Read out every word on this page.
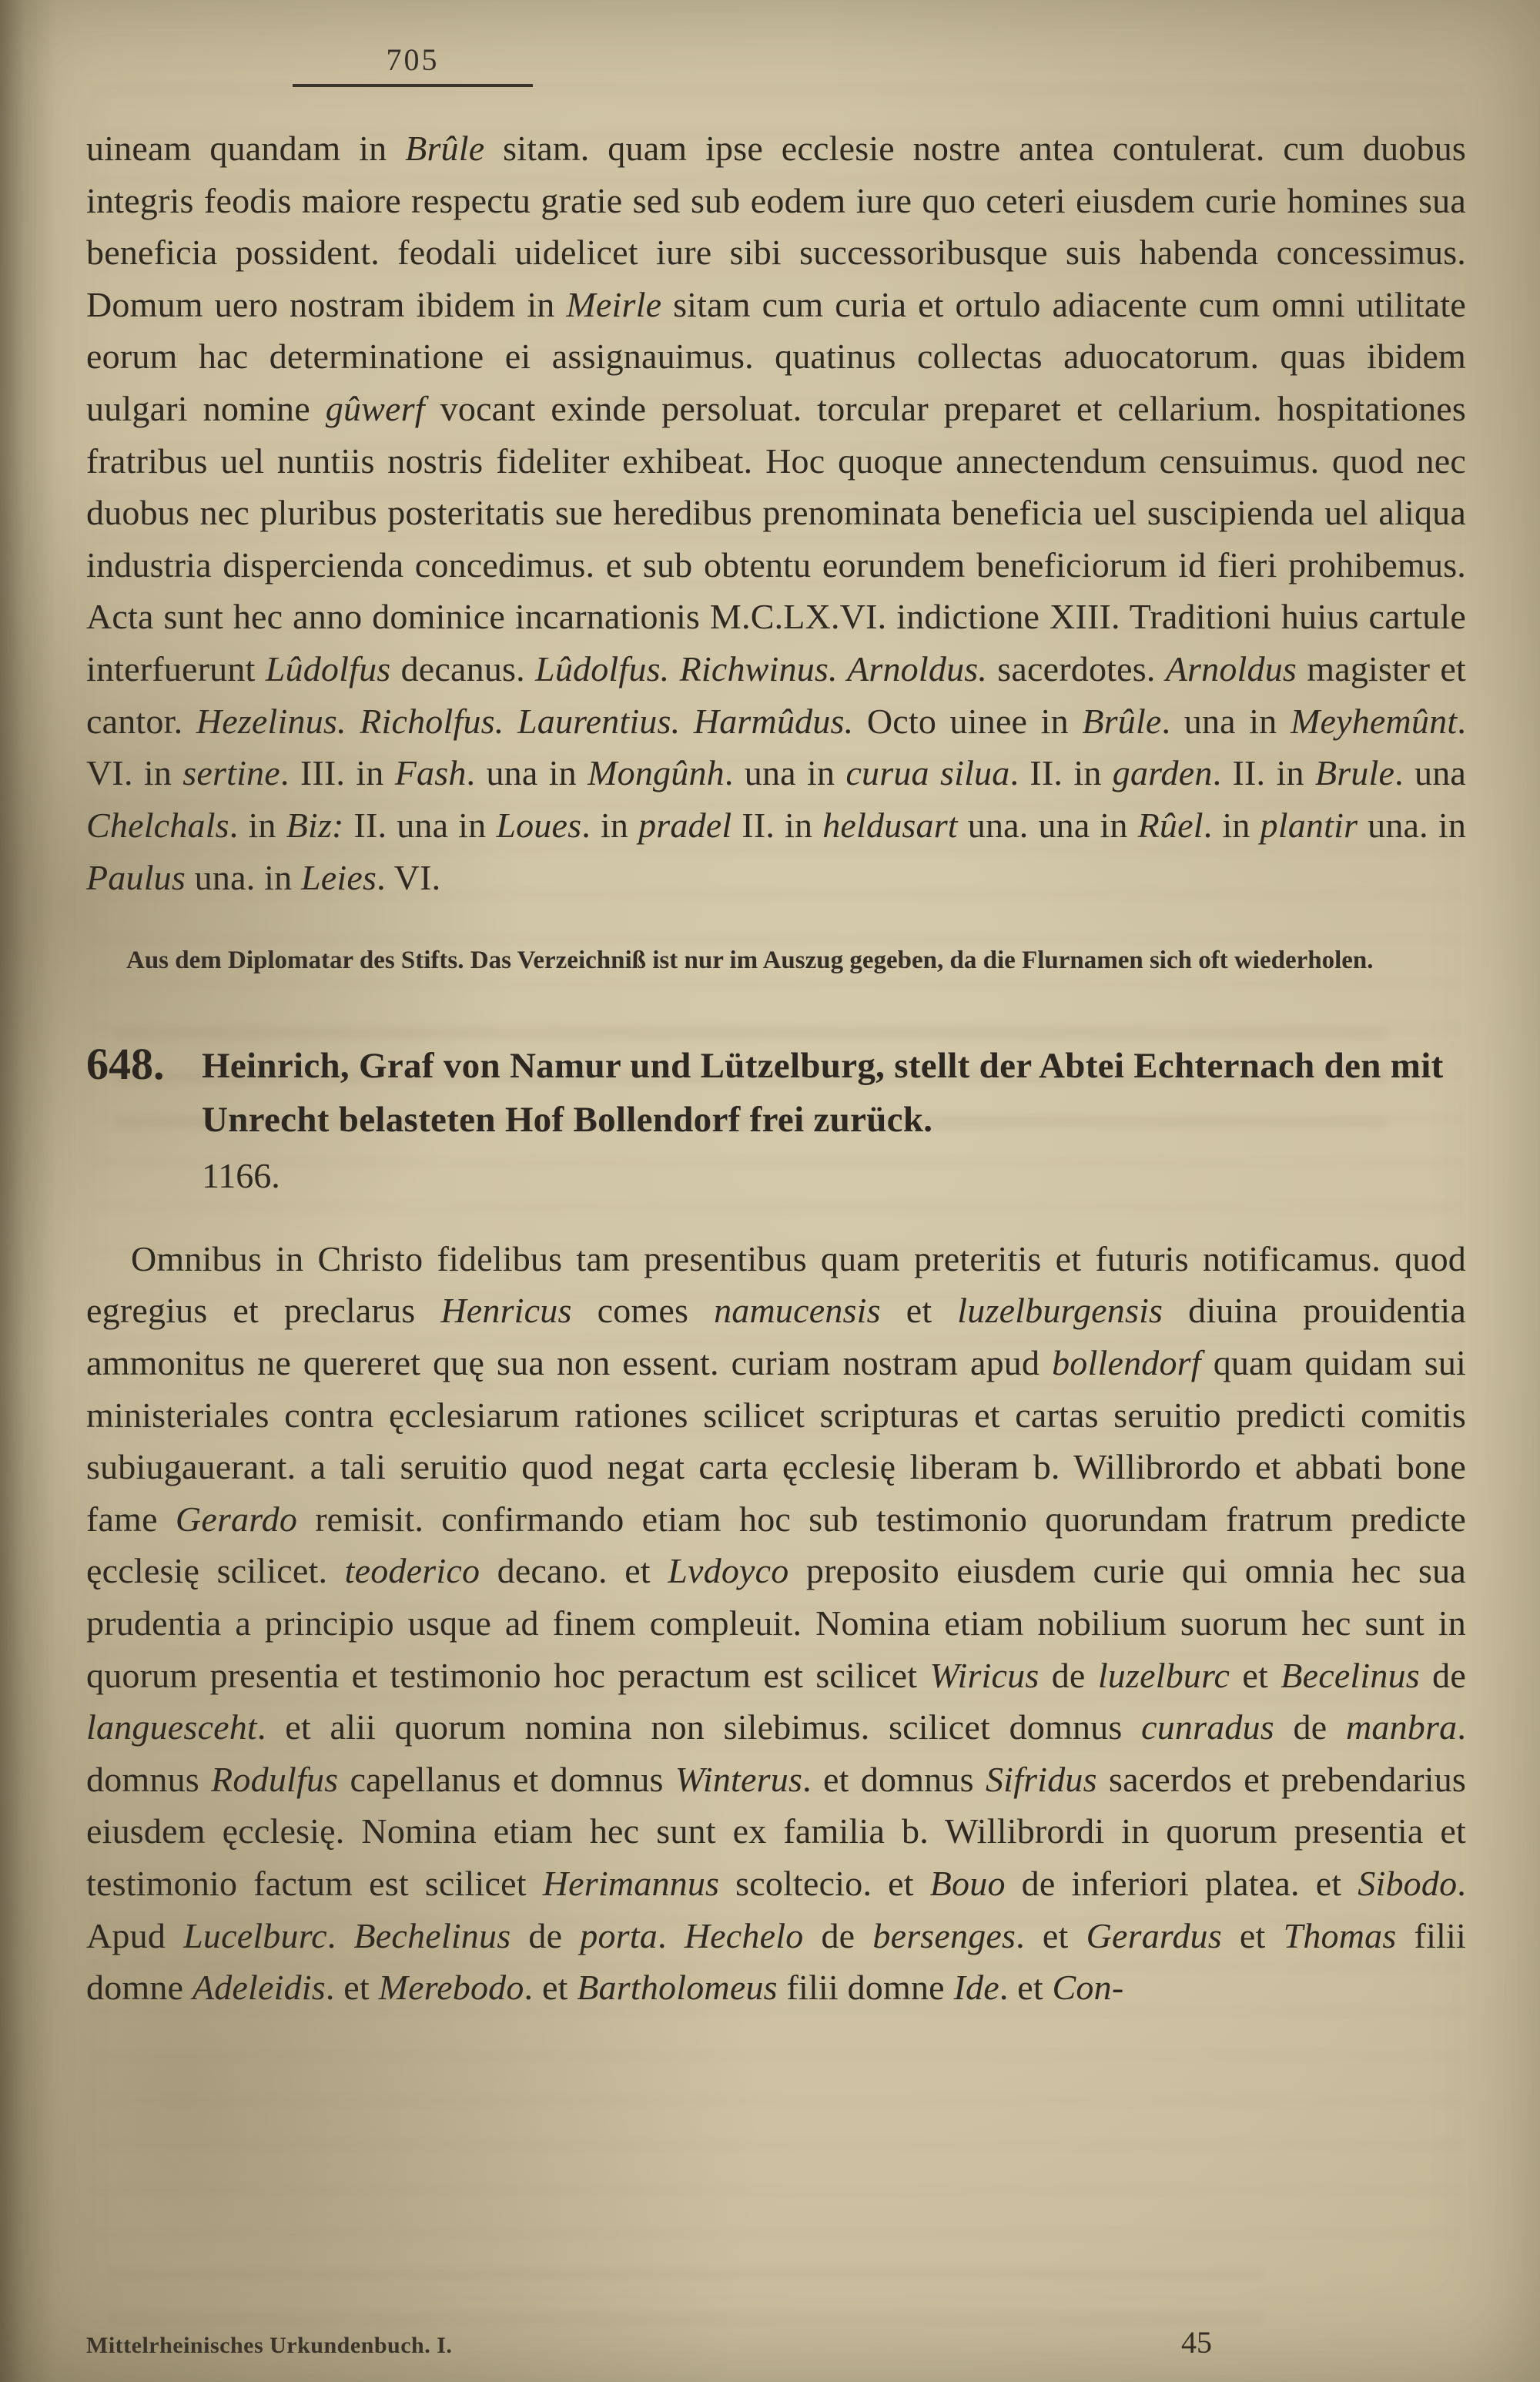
705

uineam quandam in Brûle sitam. quam ipse ecclesie nostre antea contulerat. cum duobus integris feodis maiore respectu gratie sed sub eodem iure quo ceteri eiusdem curie homines sua beneficia possident. feodali uidelicet iure sibi successoribusque suis habenda concessimus. Domum uero nostram ibidem in Meirle sitam cum curia et ortulo adiacente cum omni utilitate eorum hac determinatione ei assignauimus. quatinus collectas aduocatorum. quas ibidem uulgari nomine gûwerf vocant exinde persoluat. torcular preparet et cellarium. hospitationes fratribus uel nuntiis nostris fideliter exhibeat. Hoc quoque annectendum censuimus. quod nec duobus nec pluribus posteritatis sue heredibus prenominata beneficia uel suscipienda uel aliqua industria dispercienda concedimus. et sub obtentu eorundem beneficiorum id fieri prohibemus. Acta sunt hec anno dominice incarnationis M.C.LX.VI. indictione XIII. Traditioni huius cartule interfuerunt Lûdolfus decanus. Lûdolfus. Richwinus. Arnoldus. sacerdotes. Arnoldus magister et cantor. Hezelinus. Richolfus. Laurentius. Harmûdus. Octo uinee in Brûle. una in Meyhemûnt. VI. in sertine. III. in Fash. una in Mongûnh. una in curua silua. II. in garden. II. in Brule. una Chelchals. in Biz: II. una in Loues. in pradel II. in heldusart una. una in Rûel. in plantir una. in Paulus una. in Leies. VI.

Aus dem Diplomatar des Stifts. Das Verzeichniß ist nur im Auszug gegeben, da die Flurnamen sich oft wiederholen.

648.	Heinrich, Graf von Namur und Lützelburg, stellt der Abtei Echternach den mit Unrecht belasteten Hof Bollendorf frei zurück.
1166.

Omnibus in Christo fidelibus tam presentibus quam preteritis et futuris notificamus. quod egregius et preclarus Henricus comes namucensis et luzelburgensis diuina prouidentia ammonitus ne quereret quę sua non essent. curiam nostram apud bollendorf quam quidam sui ministeriales contra ęcclesiarum rationes scilicet scripturas et cartas seruitio predicti comitis subiugauerant. a tali seruitio quod negat carta ęcclesię liberam b. Willibrordo et abbati bone fame Gerardo remisit. confirmando etiam hoc sub testimonio quorundam fratrum predicte ęcclesię scilicet. teoderico decano. et Lvdoyco preposito eiusdem curie qui omnia hec sua prudentia a principio usque ad finem compleuit. Nomina etiam nobilium suorum hec sunt in quorum presentia et testimonio hoc peractum est scilicet Wiricus de luzelburc et Becelinus de languesceht. et alii quorum nomina non silebimus. scilicet domnus cunradus de manbra. domnus Rodulfus capellanus et domnus Winterus. et domnus Sifridus sacerdos et prebendarius eiusdem ęcclesię. Nomina etiam hec sunt ex familia b. Willibrordi in quorum presentia et testimonio factum est scilicet Herimannus scoltecio. et Bouo de inferiori platea. et Sibodo. Apud Lucelburc. Bechelinus de porta. Hechelo de bersenges. et Gerardus et Thomas filii domne Adeleidis. et Merebodo. et Bartholomeus filii domne Ide. et Con-

Mittelrheinisches Urkundenbuch. I.	45
